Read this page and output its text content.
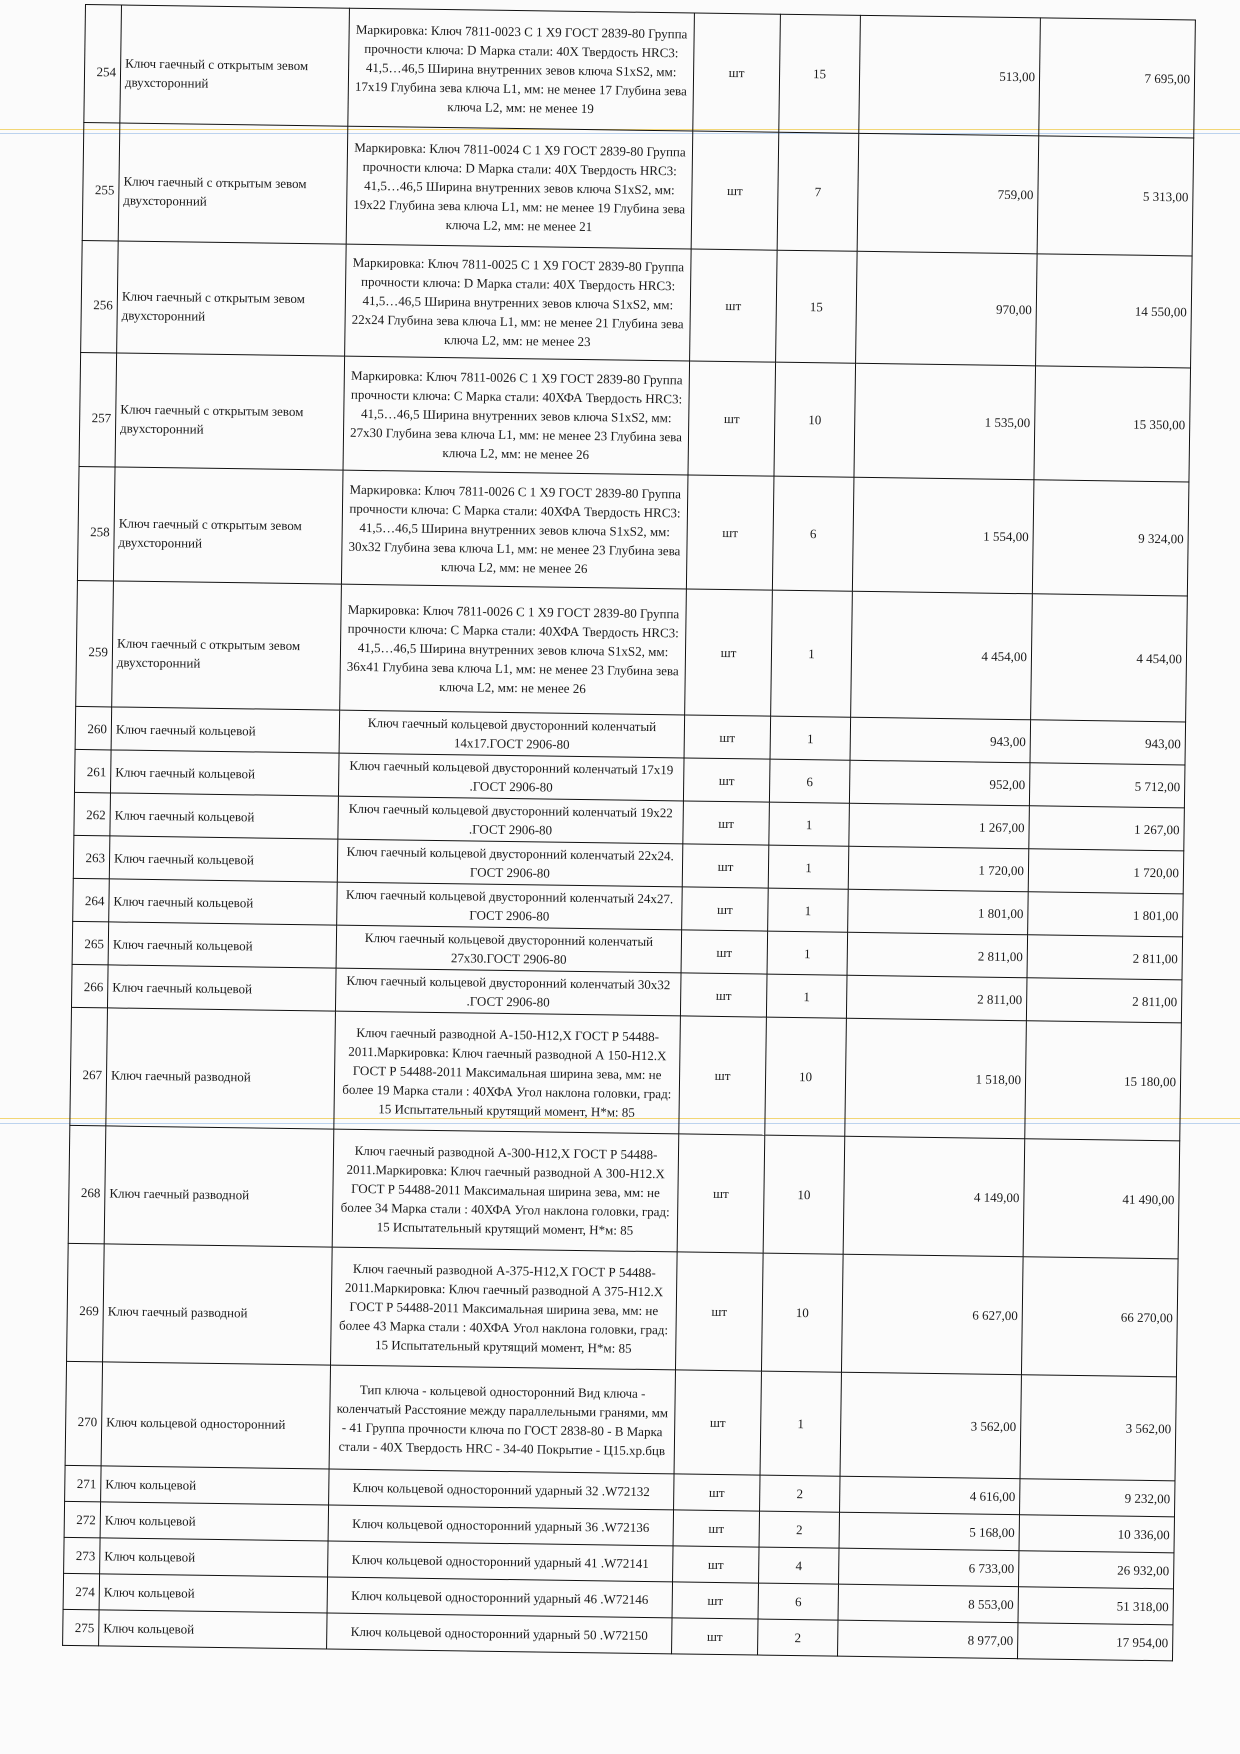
254	Ключ гаечный с открытым зевом двухсторонний	Маркировка: Ключ 7811-0023 С 1 Х9 ГОСТ 2839-80 Группа прочности ключа: D Марка стали: 40Х Твердость HRC3: 41,5…46,5 Ширина внутренних зевов ключа S1xS2, мм: 17х19 Глубина зева ключа L1, мм: не менее 17 Глубина зева ключа L2, мм: не менее 19	шт	15	513,00	7 695,00
255	Ключ гаечный с открытым зевом двухсторонний	Маркировка: Ключ 7811-0024 С 1 Х9 ГОСТ 2839-80 Группа прочности ключа: D Марка стали: 40Х Твердость HRC3: 41,5…46,5 Ширина внутренних зевов ключа S1xS2, мм: 19х22 Глубина зева ключа L1, мм: не менее 19 Глубина зева ключа L2, мм: не менее 21	шт	7	759,00	5 313,00
256	Ключ гаечный с открытым зевом двухсторонний	Маркировка: Ключ 7811-0025 С 1 Х9 ГОСТ 2839-80 Группа прочности ключа: D Марка стали: 40Х Твердость HRC3: 41,5…46,5 Ширина внутренних зевов ключа S1xS2, мм: 22х24 Глубина зева ключа L1, мм: не менее 21 Глубина зева ключа L2, мм: не менее 23	шт	15	970,00	14 550,00
257	Ключ гаечный с открытым зевом двухсторонний	Маркировка: Ключ 7811-0026 С 1 Х9 ГОСТ 2839-80 Группа прочности ключа: С Марка стали: 40ХФА Твердость HRC3: 41,5…46,5 Ширина внутренних зевов ключа S1xS2, мм: 27х30 Глубина зева ключа L1, мм: не менее 23 Глубина зева ключа L2, мм: не менее 26	шт	10	1 535,00	15 350,00
258	Ключ гаечный с открытым зевом двухсторонний	Маркировка: Ключ 7811-0026 С 1 Х9 ГОСТ 2839-80 Группа прочности ключа: С Марка стали: 40ХФА Твердость HRC3: 41,5…46,5 Ширина внутренних зевов ключа S1xS2, мм: 30х32 Глубина зева ключа L1, мм: не менее 23 Глубина зева ключа L2, мм: не менее 26	шт	6	1 554,00	9 324,00
259	Ключ гаечный с открытым зевом двухсторонний	Маркировка: Ключ 7811-0026 С 1 Х9 ГОСТ 2839-80 Группа прочности ключа: С Марка стали: 40ХФА Твердость HRC3: 41,5…46,5 Ширина внутренних зевов ключа S1xS2, мм: 36х41 Глубина зева ключа L1, мм: не менее 23 Глубина зева ключа L2, мм: не менее 26	шт	1	4 454,00	4 454,00
260	Ключ гаечный кольцевой	Ключ гаечный кольцевой двусторонний коленчатый 14х17.ГОСТ 2906-80	шт	1	943,00	943,00
261	Ключ гаечный кольцевой	Ключ гаечный кольцевой двусторонний коленчатый 17х19 .ГОСТ 2906-80	шт	6	952,00	5 712,00
262	Ключ гаечный кольцевой	Ключ гаечный кольцевой двусторонний коленчатый 19х22 .ГОСТ 2906-80	шт	1	1 267,00	1 267,00
263	Ключ гаечный кольцевой	Ключ гаечный кольцевой двусторонний коленчатый 22х24. ГОСТ 2906-80	шт	1	1 720,00	1 720,00
264	Ключ гаечный кольцевой	Ключ гаечный кольцевой двусторонний коленчатый 24х27. ГОСТ 2906-80	шт	1	1 801,00	1 801,00
265	Ключ гаечный кольцевой	Ключ гаечный кольцевой двусторонний коленчатый 27х30.ГОСТ 2906-80	шт	1	2 811,00	2 811,00
266	Ключ гаечный кольцевой	Ключ гаечный кольцевой двусторонний коленчатый 30х32 .ГОСТ 2906-80	шт	1	2 811,00	2 811,00
267	Ключ гаечный разводной	Ключ гаечный разводной А-150-Н12,Х ГОСТ Р 54488-2011.Маркировка: Ключ гаечный разводной А 150-Н12.Х ГОСТ Р 54488-2011 Максимальная ширина зева, мм: не более 19 Марка стали : 40ХФА Угол наклона головки, град: 15 Испытательный крутящий момент, Н*м: 85	шт	10	1 518,00	15 180,00
268	Ключ гаечный разводной	Ключ гаечный разводной А-300-Н12,Х ГОСТ Р 54488-2011.Маркировка: Ключ гаечный разводной А 300-Н12.Х ГОСТ Р 54488-2011 Максимальная ширина зева, мм: не более 34 Марка стали : 40ХФА Угол наклона головки, град: 15 Испытательный крутящий момент, Н*м: 85	шт	10	4 149,00	41 490,00
269	Ключ гаечный разводной	Ключ гаечный разводной А-375-Н12,Х ГОСТ Р 54488-2011.Маркировка: Ключ гаечный разводной А 375-Н12.Х ГОСТ Р 54488-2011 Максимальная ширина зева, мм: не более 43 Марка стали : 40ХФА Угол наклона головки, град: 15 Испытательный крутящий момент, Н*м: 85	шт	10	6 627,00	66 270,00
270	Ключ кольцевой односторонний	Тип ключа - кольцевой односторонний Вид ключа - коленчатый Расстояние между параллельными гранями, мм - 41 Группа прочности ключа по ГОСТ 2838-80 - В Марка стали - 40Х Твердость HRC - 34-40 Покрытие - Ц15.хр.бцв	шт	1	3 562,00	3 562,00
271	Ключ кольцевой	Ключ кольцевой односторонний ударный 32 .W72132	шт	2	4 616,00	9 232,00
272	Ключ кольцевой	Ключ кольцевой односторонний ударный 36 .W72136	шт	2	5 168,00	10 336,00
273	Ключ кольцевой	Ключ кольцевой односторонний ударный 41 .W72141	шт	4	6 733,00	26 932,00
274	Ключ кольцевой	Ключ кольцевой односторонний ударный 46 .W72146	шт	6	8 553,00	51 318,00
275	Ключ кольцевой	Ключ кольцевой односторонний ударный 50 .W72150	шт	2	8 977,00	17 954,00
